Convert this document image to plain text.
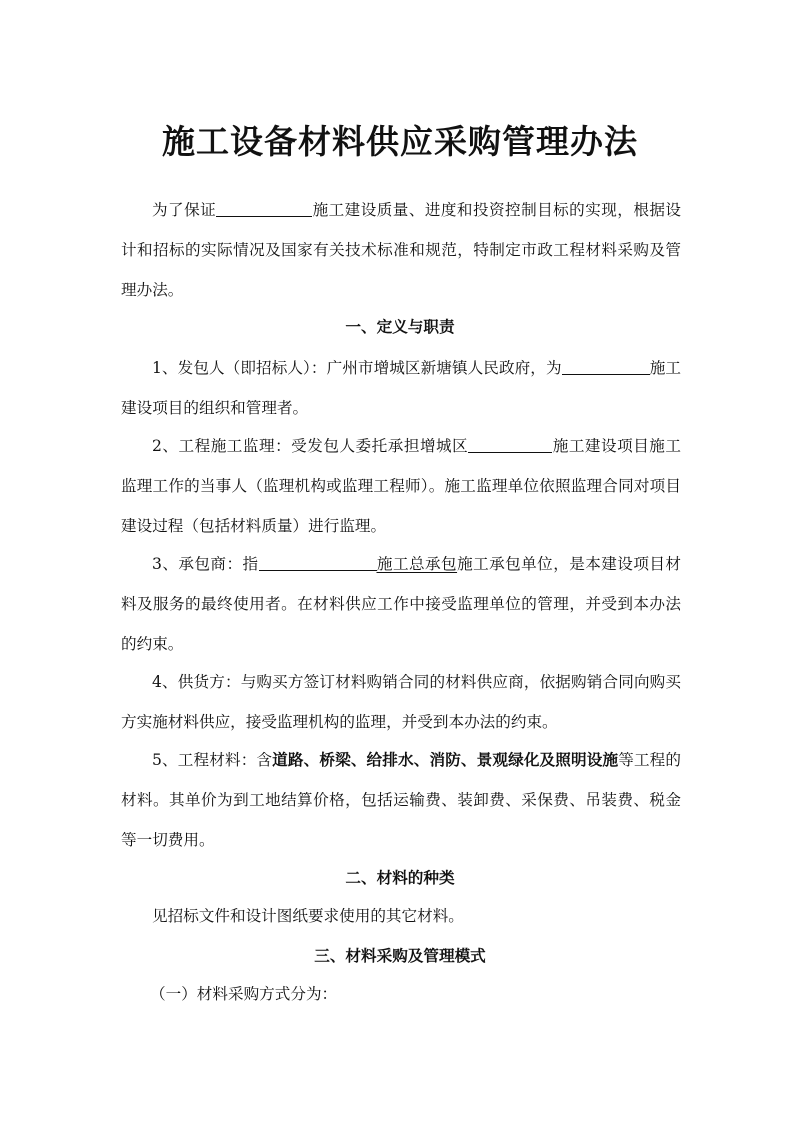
施工设备材料供应采购管理办法
为了保证	施工建设质量、进度和投资控制目标的实现，根据设计和招标的实际情况及国家有关技术标准和规范，特制定市政工程材料采购及管理办法。
一、定义与职责
1、发包人（即招标人）：广州市增城区新塘镇人民政府，为	施工建设项目的组织和管理者。
2、工程施工监理：受发包人委托承担增城区	施工建设项目施工监理工作的当事人（监理机构或监理工程师）。施工监理单位依照监理合同对项目建设过程（包括材料质量）进行监理。
3、承包商：指	施工总承包施工承包单位，是本建设项目材料及服务的最终使用者。在材料供应工作中接受监理单位的管理，并受到本办法的约束。
4、供货方：与购买方签订材料购销合同的材料供应商，依据购销合同向购买方实施材料供应，接受监理机构的监理，并受到本办法的约束。
5、工程材料：含道路、桥梁、给排水、消防、景观绿化及照明设施等工程的材料。其单价为到工地结算价格，包括运输费、装卸费、采保费、吊装费、税金等一切费用。
二、材料的种类
见招标文件和设计图纸要求使用的其它材料。
三、材料采购及管理模式
（一）材料采购方式分为：
